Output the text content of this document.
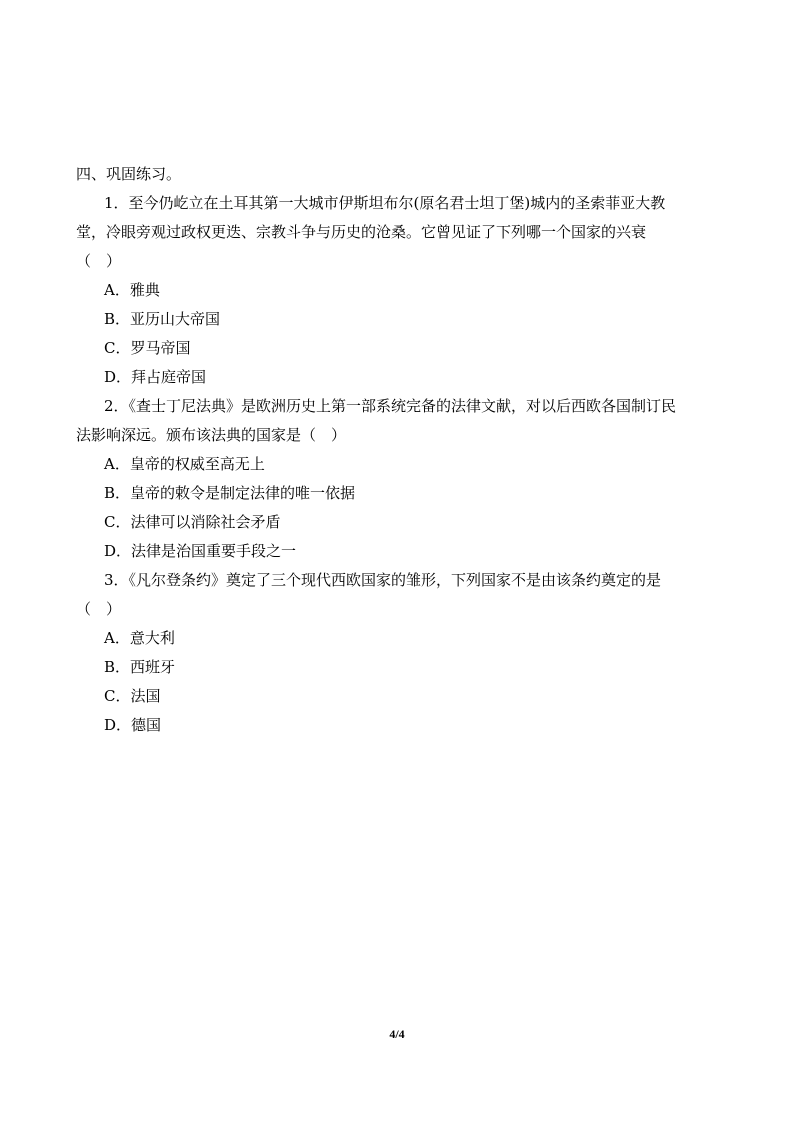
四、巩固练习。
1．至今仍屹立在土耳其第一大城市伊斯坦布尔(原名君士坦丁堡)城内的圣索菲亚大教
堂，冷眼旁观过政权更迭、宗教斗争与历史的沧桑。它曾见证了下列哪一个国家的兴衰
（　）
A．雅典
B．亚历山大帝国
C．罗马帝国
D．拜占庭帝国
2．《查士丁尼法典》是欧洲历史上第一部系统完备的法律文献，对以后西欧各国制订民
法影响深远。颁布该法典的国家是（　）
A．皇帝的权威至高无上
B．皇帝的敕令是制定法律的唯一依据
C．法律可以消除社会矛盾
D．法律是治国重要手段之一
3．《凡尔登条约》奠定了三个现代西欧国家的雏形，下列国家不是由该条约奠定的是
（　）
A．意大利
B．西班牙
C．法国
D．德国
4/4
